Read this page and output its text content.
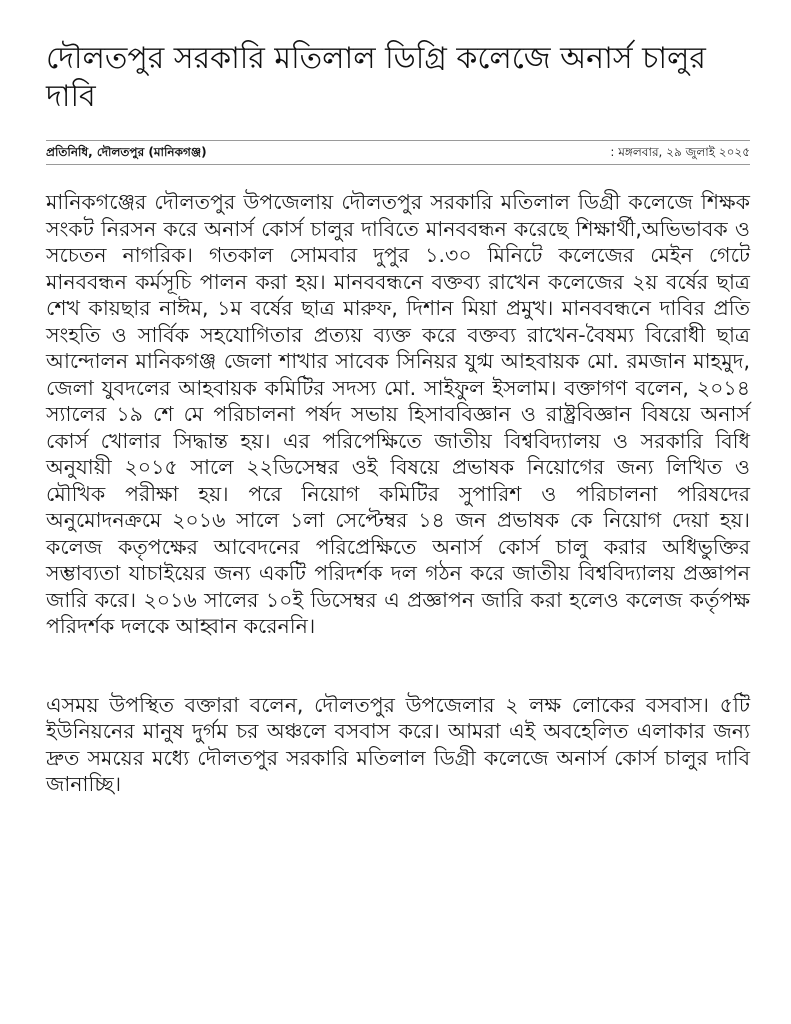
দৌলতপুর সরকারি মতিলাল ডিগ্রি কলেজে অনার্স চালুর দাবি
প্রতিনিধি, দৌলতপুর (মানিকগঞ্জ)	: মঙ্গলবার, ২৯ জুলাই ২০২৫

মানিকগঞ্জের দৌলতপুর উপজেলায় দৌলতপুর সরকারি মতিলাল ডিগ্রী কলেজে শিক্ষক সংকট নিরসন করে অনার্স কোর্স চালুর দাবিতে মানববন্ধন করেছে শিক্ষার্থী,অভিভাবক ও সচেতন নাগরিক। গতকাল সোমবার দুপুর ১.৩০ মিনিটে কলেজের মেইন গেটে মানববন্ধন কর্মসূচি পালন করা হয়। মানববন্ধনে বক্তব্য রাখেন কলেজের ২য় বর্ষের ছাত্র শেখ কায়ছার নাঈম, ১ম বর্ষের ছাত্র মারুফ, দিশান মিয়া প্রমুখ। মানববন্ধনে দাবির প্রতি সংহতি ও সার্বিক সহযোগিতার প্রত্যয় ব্যক্ত করে বক্তব্য রাখেন-বৈষম্য বিরোধী ছাত্র আন্দোলন মানিকগঞ্জ জেলা শাখার সাবেক সিনিয়র যুগ্ম আহবায়ক মো. রমজান মাহমুদ, জেলা যুবদলের আহবায়ক কমিটির সদস্য মো. সাইফুল ইসলাম। বক্তাগণ বলেন, ২০১৪ স্যালের ১৯ শে মে পরিচালনা পর্ষদ সভায় হিসাববিজ্ঞান ও রাষ্ট্রবিজ্ঞান বিষয়ে অনার্স কোর্স খোলার সিদ্ধান্ত হয়। এর পরিপেক্ষিতে জাতীয় বিশ্ববিদ্যালয় ও সরকারি বিধি অনুযায়ী ২০১৫ সালে ২২ডিসেম্বর ওই বিষয়ে প্রভাষক নিয়োগের জন্য লিখিত ও মৌখিক পরীক্ষা হয়। পরে নিয়োগ কমিটির সুপারিশ ও পরিচালনা পরিষদের অনুমোদনক্রমে ২০১৬ সালে ১লা সেপ্টেম্বর ১৪ জন প্রভাষক কে নিয়োগ দেয়া হয়। কলেজ কতৃপক্ষের আবেদনের পরিপ্রেক্ষিতে অনার্স কোর্স চালু করার অধিভুক্তির সম্ভাব্যতা যাচাইয়ের জন্য একটি পরিদর্শক দল গঠন করে জাতীয় বিশ্ববিদ্যালয় প্রজ্ঞাপন জারি করে। ২০১৬ সালের ১০ই ডিসেম্বর এ প্রজ্ঞাপন জারি করা হলেও কলেজ কর্তৃপক্ষ পরিদর্শক দলকে আহ্বান করেননি।

এসময় উপস্থিত বক্তারা বলেন, দৌলতপুর উপজেলার ২ লক্ষ লোকের বসবাস। ৫টি ইউনিয়নের মানুষ দুর্গম চর অঞ্চলে বসবাস করে। আমরা এই অবহেলিত এলাকার জন্য দ্রুত সময়ের মধ্যে দৌলতপুর সরকারি মতিলাল ডিগ্রী কলেজে অনার্স কোর্স চালুর দাবি জানাচ্ছি।
